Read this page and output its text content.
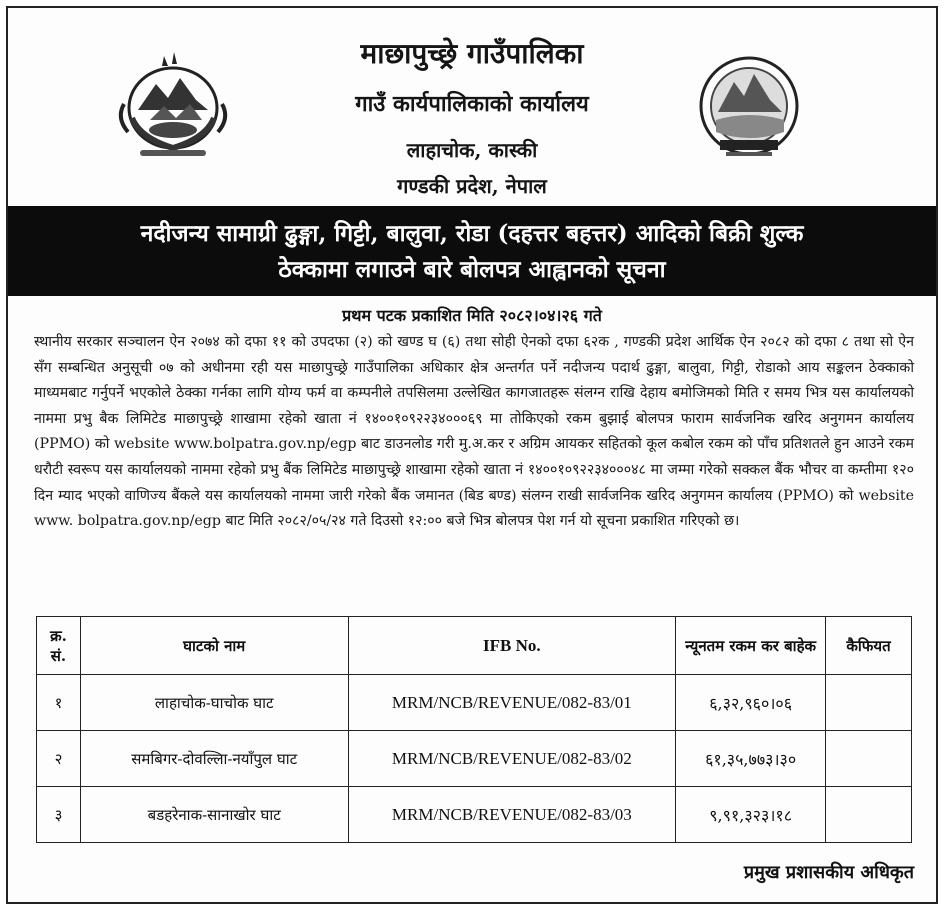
माछापुच्छ्रे गाउँपालिका
गाउँ कार्यपालिकाको कार्यालय
लाहाचोक, कास्की
गण्डकी प्रदेश, नेपाल
नदीजन्य सामाग्री ढुङ्गा, गिट्टी, बालुवा, रोडा (दहत्तर बहत्तर) आदिको बिक्री शुल्क
ठेक्कामा लगाउने बारे बोलपत्र आह्वानको सूचना
प्रथम पटक प्रकाशित मिति २०८२।०४।२६ गते
स्थानीय सरकार सञ्चालन ऐन २०७४ को दफा ११ को उपदफा (२) को खण्ड घ (६) तथा सोही ऐनको दफा ६२क , गण्डकी प्रदेश आर्थिक ऐन २०८२ को दफा ८ तथा सो ऐन सँग सम्बन्धित अनुसूची ०७ को अधीनमा रही यस माछापुच्छ्रे गाउँपालिका अधिकार क्षेत्र अन्तर्गत पर्ने नदीजन्य पदार्थ ढुङ्गा, बालुवा, गिट्टी, रोडाको आय सङ्कलन ठेक्काको माध्यमबाट गर्नुपर्ने भएकोले ठेक्का गर्नका लागि योग्य फर्म वा कम्पनीले तपसिलमा उल्लेखित कागजातहरू संलग्न राखि देहाय बमोजिमको मिति र समय भित्र यस कार्यालयको नाममा प्रभु बैक लिमिटेड माछापुच्छ्रे शाखामा रहेको खाता नं १४००१०९२२३४०००६९ मा तोकिएको रकम बुझाई बोलपत्र फाराम सार्वजनिक खरिद अनुगमन कार्यालय (PPMO) को website www.bolpatra.gov.np/egp बाट डाउनलोड गरी मु.अ.कर र अग्रिम आयकर सहितको कूल कबोल रकम को पाँच प्रतिशतले हुन आउने रकम धरौटी स्वरूप यस कार्यालयको नाममा रहेको प्रभु बैंक लिमिटेड माछापुच्छ्रे शाखामा रहेको खाता नं १४००१०९२२३४०००४८ मा जम्मा गरेको सक्कल बैंक भौचर वा कम्तीमा १२० दिन म्याद भएको वाणिज्य बैंकले यस कार्यालयको नाममा जारी गरेको बैंक जमानत (बिड बण्ड) संलग्न राखी सार्वजनिक खरिद अनुगमन कार्यालय (PPMO) को website www. bolpatra.gov.np/egp बाट मिति २०८२/०५/२४ गते दिउसो १२:०० बजे भित्र बोलपत्र पेश गर्न यो सूचना प्रकाशित गरिएको छ।
क्र. सं.	घाटको नाम	IFB No.	न्यूनतम रकम कर बाहेक	कैफियत
१	लाहाचोक-घाचोक घाट	MRM/NCB/REVENUE/082-83/01	६,३२,९६०।०६	
२	समबिगर-दोवल्लिा-नयाँपुल घाट	MRM/NCB/REVENUE/082-83/02	६१,३५,७७३।३०	
३	बडहरेनाक-सानाखोर घाट	MRM/NCB/REVENUE/082-83/03	९,९१,३२३।१८	
प्रमुख प्रशासकीय अधिकृत
